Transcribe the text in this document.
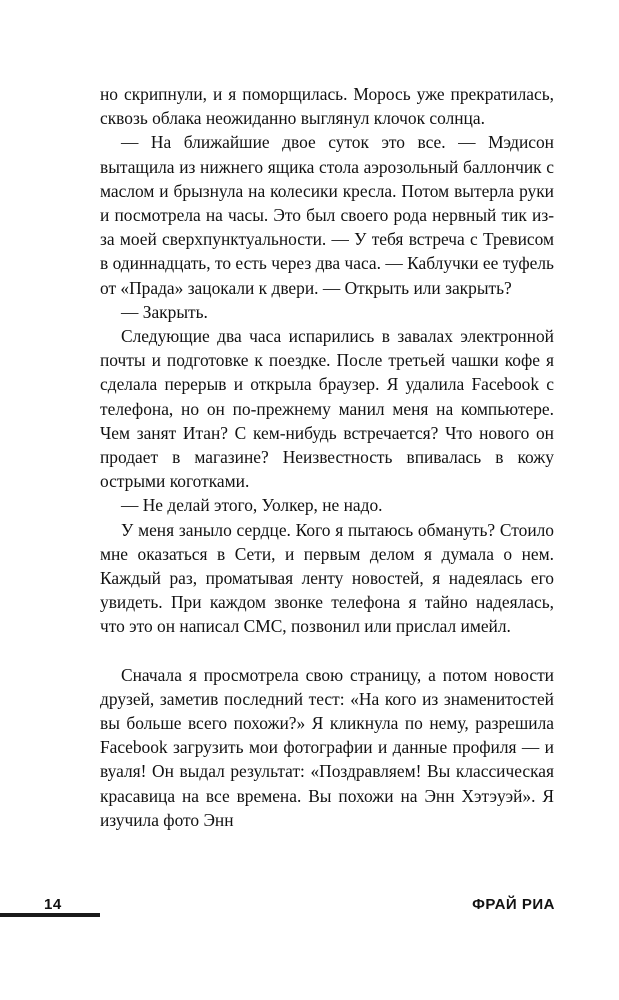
но скрипнули, и я поморщилась. Морось уже прекратилась, сквозь облака неожиданно выглянул клочок солнца.

— На ближайшие двое суток это все. — Мэдисон вытащила из нижнего ящика стола аэрозольный баллончик с маслом и брызнула на колесики кресла. Потом вытерла руки и посмотрела на часы. Это был своего рода нервный тик из-за моей сверхпунктуальности. — У тебя встреча с Тревисом в одиннадцать, то есть через два часа. — Каблучки ее туфель от «Прада» зацокали к двери. — Открыть или закрыть?

— Закрыть.

Следующие два часа испарились в завалах электронной почты и подготовке к поездке. После третьей чашки кофе я сделала перерыв и открыла браузер. Я удалила Facebook с телефона, но он по-прежнему манил меня на компьютере. Чем занят Итан? С кем-нибудь встречается? Что нового он продает в магазине? Неизвестность впивалась в кожу острыми коготками.

— Не делай этого, Уолкер, не надо.

У меня заныло сердце. Кого я пытаюсь обмануть? Стоило мне оказаться в Сети, и первым делом я думала о нем. Каждый раз, проматывая ленту новостей, я надеялась его увидеть. При каждом звонке телефона я тайно надеялась, что это он написал СМС, позвонил или прислал имейл.

Сначала я просмотрела свою страницу, а потом новости друзей, заметив последний тест: «На кого из знаменитостей вы больше всего похожи?» Я кликнула по нему, разрешила Facebook загрузить мои фотографии и данные профиля — и вуаля! Он выдал результат: «Поздравляем! Вы классическая красавица на все времена. Вы похожи на Энн Хэтэуэй». Я изучила фото Энн

14	ФРАЙ РИА
